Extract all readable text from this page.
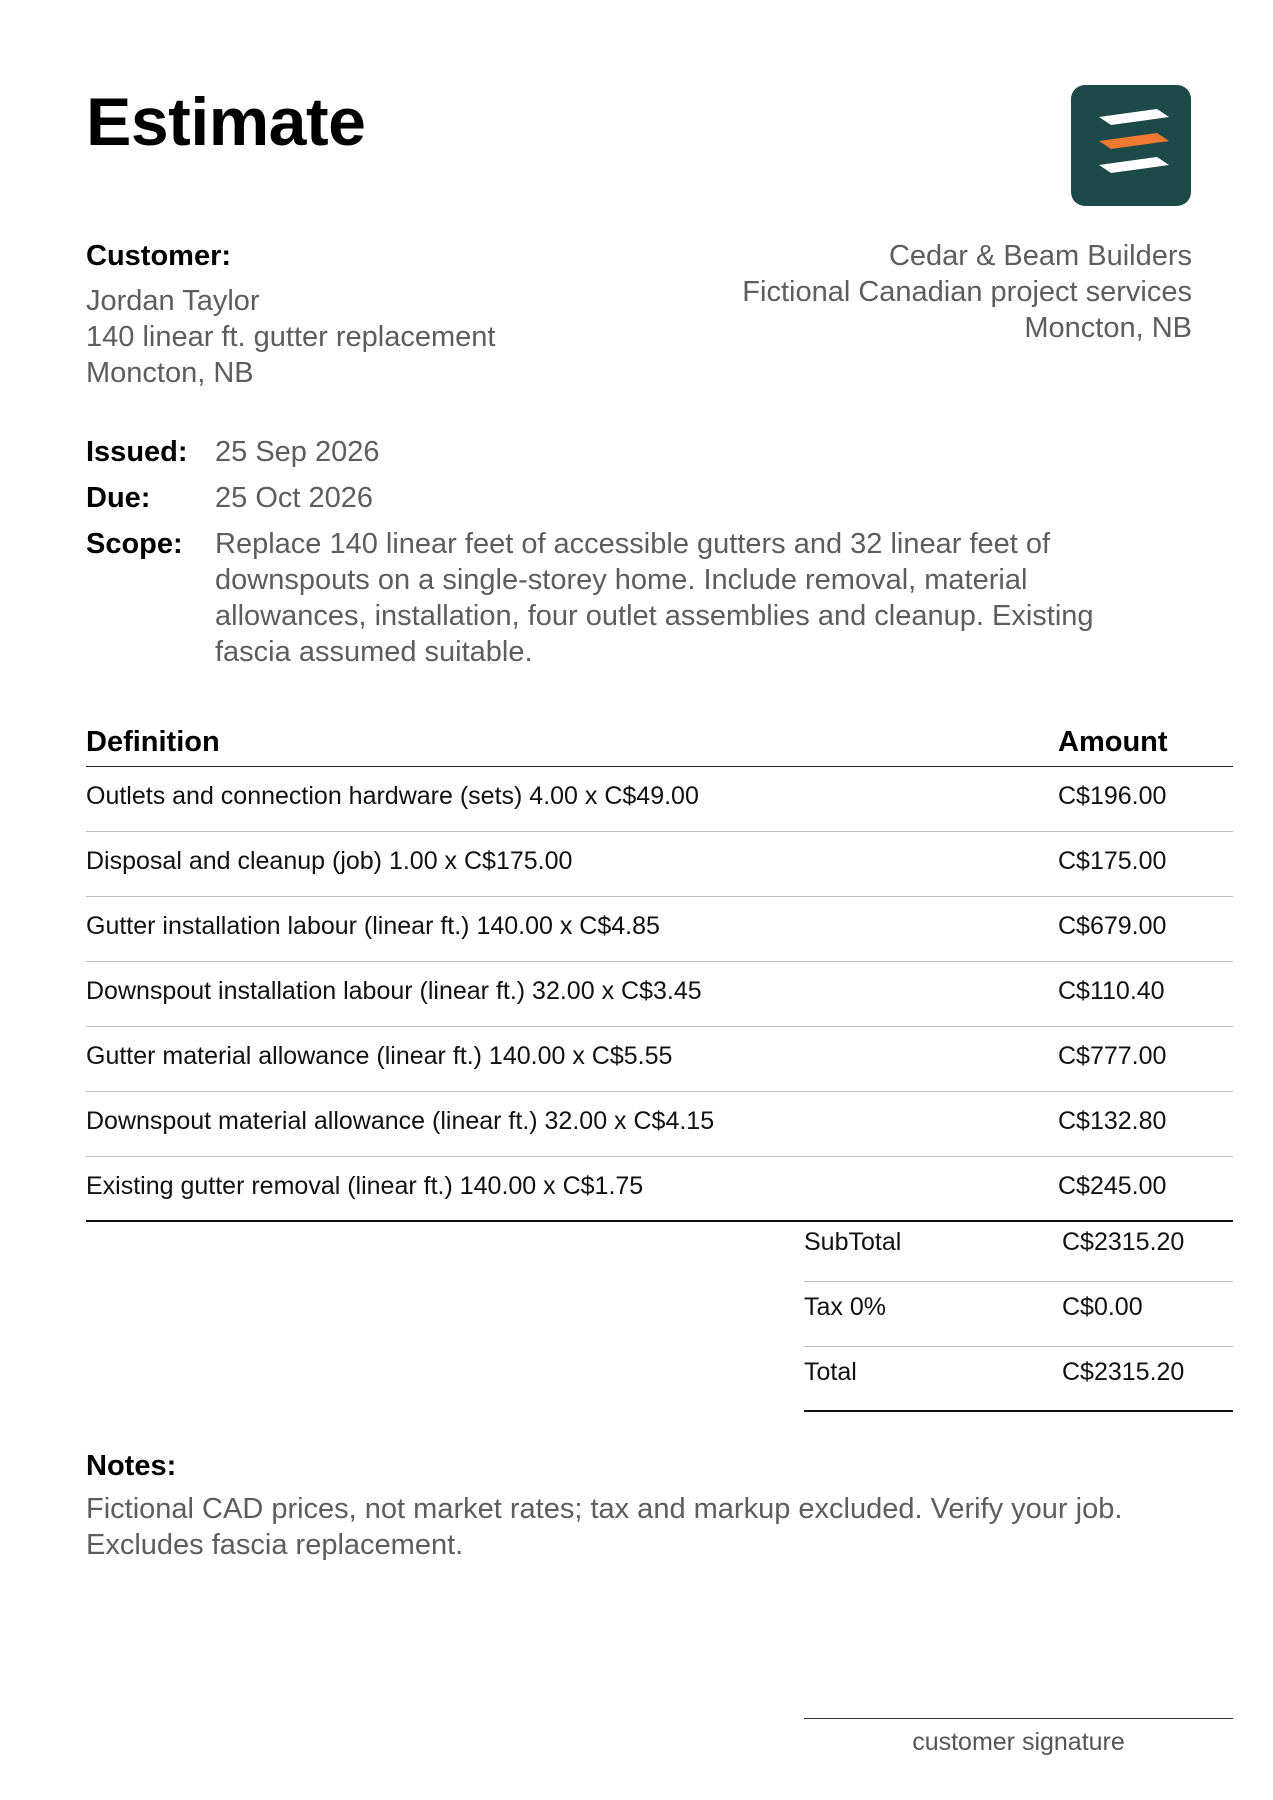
Estimate
Customer:
Jordan Taylor
140 linear ft. gutter replacement
Moncton, NB
Cedar & Beam Builders
Fictional Canadian project services
Moncton, NB
Issued: 25 Sep 2026
Due:	25 Oct 2026
Scope:	Replace 140 linear feet of accessible gutters and 32 linear feet of downspouts on a single-storey home. Include removal, material allowances, installation, four outlet assemblies and cleanup. Existing fascia assumed suitable.
Definition	Amount
Outlets and connection hardware (sets) 4.00 x C$49.00	C$196.00
Disposal and cleanup (job) 1.00 x C$175.00	C$175.00
Gutter installation labour (linear ft.) 140.00 x C$4.85	C$679.00
Downspout installation labour (linear ft.) 32.00 x C$3.45	C$110.40
Gutter material allowance (linear ft.) 140.00 x C$5.55	C$777.00
Downspout material allowance (linear ft.) 32.00 x C$4.15	C$132.80
Existing gutter removal (linear ft.) 140.00 x C$1.75	C$245.00
SubTotal	C$2315.20
Tax 0%	C$0.00
Total	C$2315.20
Notes:
Fictional CAD prices, not market rates; tax and markup excluded. Verify your job.
Excludes fascia replacement.
customer signature
